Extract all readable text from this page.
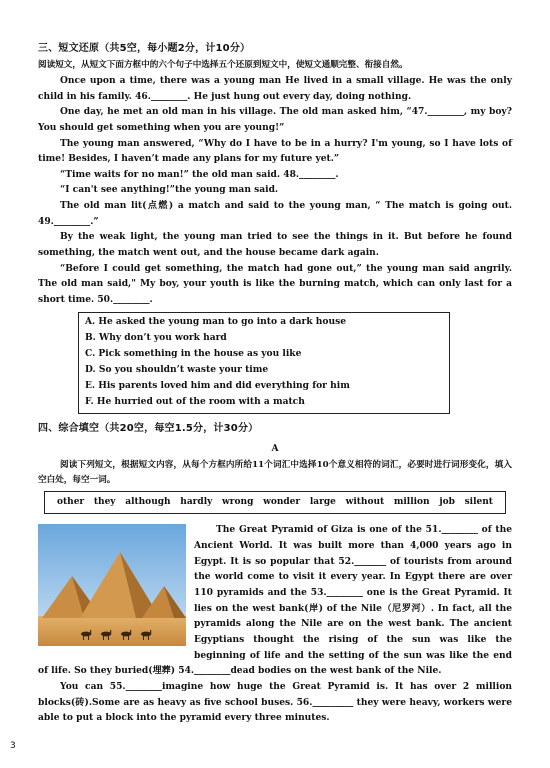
三、短文还原（共5空，每小题2分，计10分）

阅读短文，从短文下面方框中的六个句子中选择五个还原到短文中，使短文通顺完整、衔接自然。

Once upon a time, there was a young man He lived in a small village. He was the only child in his family. 46.________. He just hung out every day, doing nothing.

One day, he met an old man in his village. The old man asked him, “47.________, my boy? You should get something when you are young!”

The young man answered, “Why do I have to be in a hurry? I'm young, so I have lots of time! Besides, I haven’t made any plans for my future yet.”

“Time waits for no man!” the old man said. 48.________.

“I can't see anything!”the young man said.

The old man lit(点燃) a match and said to the young man, “ The match is going out. 49.________.”

By the weak light, the young man tried to see the things in it. But before he found something, the match went out, and the house became dark again.

“Before I could get something, the match had gone out,” the young man said angrily. The old man said," My boy, your youth is like the burning match, which can only last for a short time. 50.________.

A. He asked the young man to go into a dark house
B. Why don’t you work hard
C. Pick something in the house as you like
D. So you shouldn’t waste your time
E. His parents loved him and did everything for him
F. He hurried out of the room with a match
四、综合填空（共20空，每空1.5分，计30分）
A

阅读下列短文，根据短文内容，从每个方框内所给11个词汇中选择10个意义相符的词汇，必要时进行词形变化，填入空白处，每空一词。

other they although hardly wrong wonder large without million job silent

The Great Pyramid of Giza is one of the 51.________ of the Ancient World. It was built more than 4,000 years ago in Egypt. It is so popular that 52._______ of tourists from around the world come to visit it every year. In Egypt there are over 110 pyramids and the 53.________ one is the Great Pyramid. It lies on the west bank(岸) of the Nile（尼罗河）. In fact, all the pyramids along the Nile are on the west bank. The ancient Egyptians thought the rising of the sun was like the beginning of life and the setting of the sun was like the end of life. So they buried(埋葬) 54.________dead bodies on the west bank of the Nile.

You can 55.________imagine how huge the Great Pyramid is. It has over 2 million blocks(砖).Some are as heavy as five school buses. 56._________ they were heavy, workers were able to put a block into the pyramid every three minutes.

3
